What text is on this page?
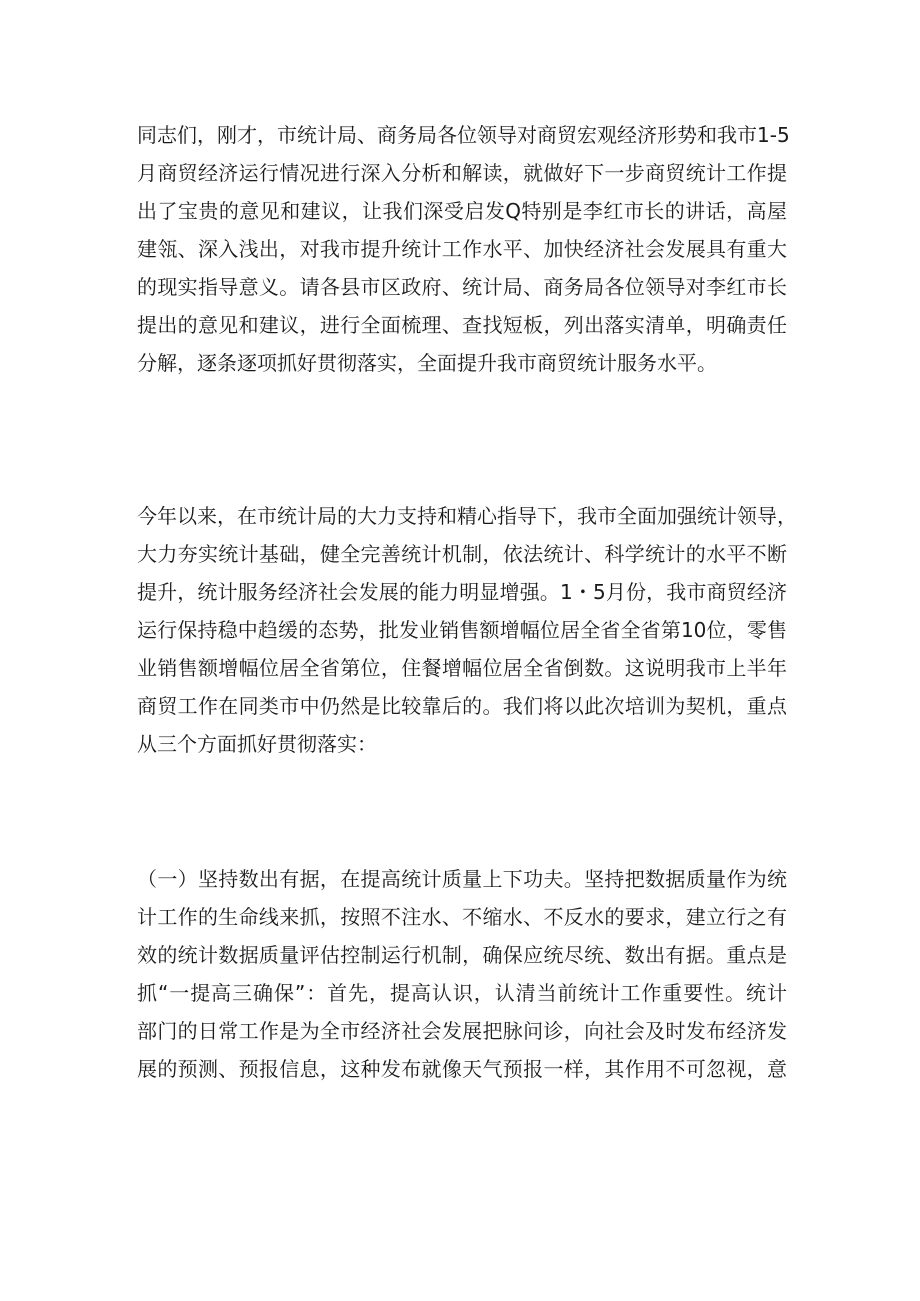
同志们，刚才，市统计局、商务局各位领导对商贸宏观经济形势和我市1-5
月商贸经济运行情况进行深入分析和解读，就做好下一步商贸统计工作提
出了宝贵的意见和建议，让我们深受启发Q特别是李红市长的讲话，高屋
建瓴、深入浅出，对我市提升统计工作水平、加快经济社会发展具有重大
的现实指导意义。请各县市区政府、统计局、商务局各位领导对李红市长
提出的意见和建议，进行全面梳理、查找短板，列出落实清单，明确责任
分解，逐条逐项抓好贯彻落实，全面提升我市商贸统计服务水平。
今年以来，在市统计局的大力支持和精心指导下，我市全面加强统计领导，
大力夯实统计基础，健全完善统计机制，依法统计、科学统计的水平不断
提升，统计服务经济社会发展的能力明显增强。1・5月份，我市商贸经济
运行保持稳中趋缓的态势，批发业销售额增幅位居全省全省第10位，零售
业销售额增幅位居全省第位，住餐增幅位居全省倒数。这说明我市上半年
商贸工作在同类市中仍然是比较靠后的。我们将以此次培训为契机，重点
从三个方面抓好贯彻落实：
（一）坚持数出有据，在提高统计质量上下功夫。坚持把数据质量作为统
计工作的生命线来抓，按照不注水、不缩水、不反水的要求，建立行之有
效的统计数据质量评估控制运行机制，确保应统尽统、数出有据。重点是
抓“一提高三确保”：首先，提高认识，认清当前统计工作重要性。统计
部门的日常工作是为全市经济社会发展把脉问诊，向社会及时发布经济发
展的预测、预报信息，这种发布就像天气预报一样，其作用不可忽视，意
